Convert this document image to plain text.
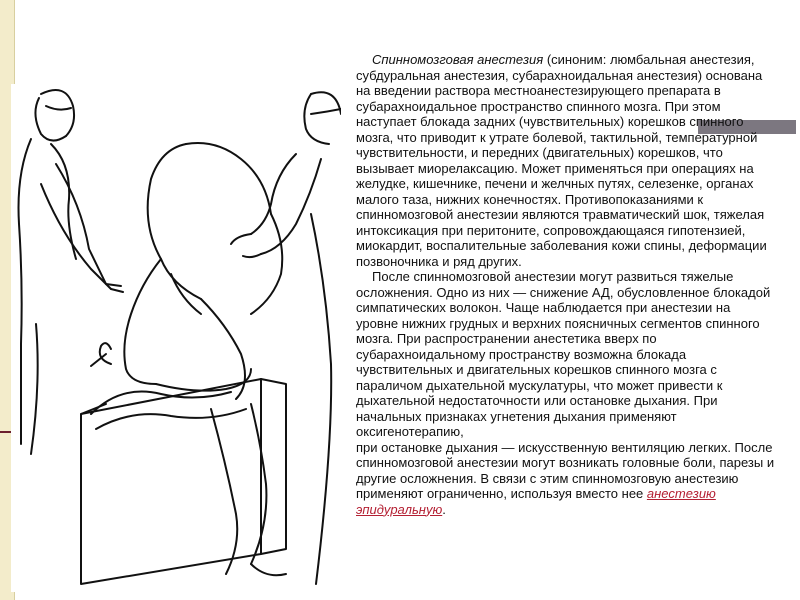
Спинномозговая анестезия (синоним: люмбальная анестезия, субдуральная анестезия, субарахноидальная анестезия) основана на введении раствора местноанестезирующего препарата в субарахноидальное пространство спинного мозга. При этом наступает блокада задних (чувствительных) корешков спинного мозга, что приводит к утрате болевой, тактильной, температурной чувствительности, и передних (двигательных) корешков, что вызывает миорелаксацию. Может применяться при операциях на желудке, кишечнике, печени и желчных путях, селезенке, органах малого таза, нижних конечностях. Противопоказаниями к спинномозговой анестезии являются травматический шок, тяжелая интоксикация при перитоните, сопровождающаяся гипотензией, миокардит, воспалительные заболевания кожи спины, деформации позвоночника и ряд других.

После спинномозговой анестезии могут развиться тяжелые осложнения. Одно из них — снижение АД, обусловленное блокадой симпатических волокон. Чаще наблюдается при анестезии на уровне нижних грудных и верхних поясничных сегментов спинного мозга. При распространении анестетика вверх по субарахноидальному пространству возможна блокада чувствительных и двигательных корешков спинного мозга с параличом дыхательной мускулатуры, что может привести к дыхательной недостаточности или остановке дыхания. При начальных признаках угнетения дыхания применяют оксигенотерапию,

при остановке дыхания — искусственную вентиляцию легких. После спинномозговой анестезии могут возникать головные боли, парезы и другие осложнения. В связи с этим спинномозговую анестезию применяют ограниченно, используя вместо нее анестезию эпидуральную.
